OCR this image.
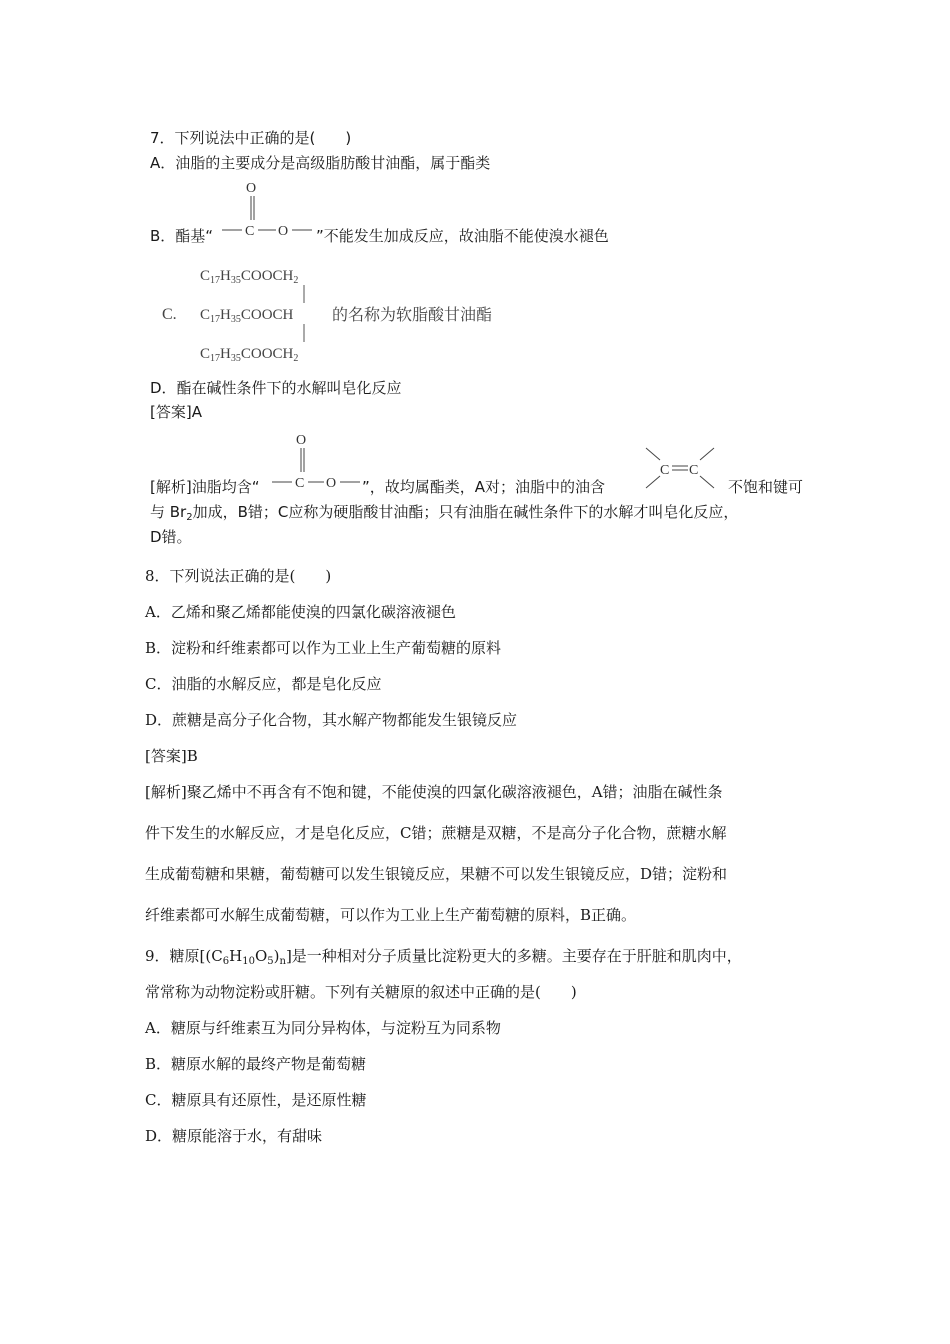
7．下列说法中正确的是(　　)
A．油脂的主要成分是高级脂肪酸甘油酯，属于酯类
B．酯基“
O
C O ”不能发生加成反应，故油脂不能使溴水褪色
C.
$C_{17}H_{35}COOCH_2$
$C_{17}H_{35}COOCH$
$C_{17}H_{35}COOCH_2$
的名称为软脂酸甘油酯
D．酯在碱性条件下的水解叫皂化反应
[答案]A
[解析]油脂均含“
O
C O ”，故均属酯类，A对；油脂中的油含
C C
不饱和键可
与 $Br_2$加成，B错；C应称为硬脂酸甘油酯；只有油脂在碱性条件下的水解才叫皂化反应，
D错。
8．下列说法正确的是(　　)
A．乙烯和聚乙烯都能使溴的四氯化碳溶液褪色
B．淀粉和纤维素都可以作为工业上生产葡萄糖的原料
C．油脂的水解反应，都是皂化反应
D．蔗糖是高分子化合物，其水解产物都能发生银镜反应
[答案]B
[解析]聚乙烯中不再含有不饱和键，不能使溴的四氯化碳溶液褪色，A错；油脂在碱性条
件下发生的水解反应，才是皂化反应，C错；蔗糖是双糖，不是高分子化合物，蔗糖水解
生成葡萄糖和果糖，葡萄糖可以发生银镜反应，果糖不可以发生银镜反应，D错；淀粉和
纤维素都可水解生成葡萄糖，可以作为工业上生产葡萄糖的原料，B正确。
9．糖原$[(C_6H_{10}O_5)_n]$是一种相对分子质量比淀粉更大的多糖。主要存在于肝脏和肌肉中，
常常称为动物淀粉或肝糖。下列有关糖原的叙述中正确的是(　　)
A．糖原与纤维素互为同分异构体，与淀粉互为同系物
B．糖原水解的最终产物是葡萄糖
C．糖原具有还原性，是还原性糖
D．糖原能溶于水，有甜味
